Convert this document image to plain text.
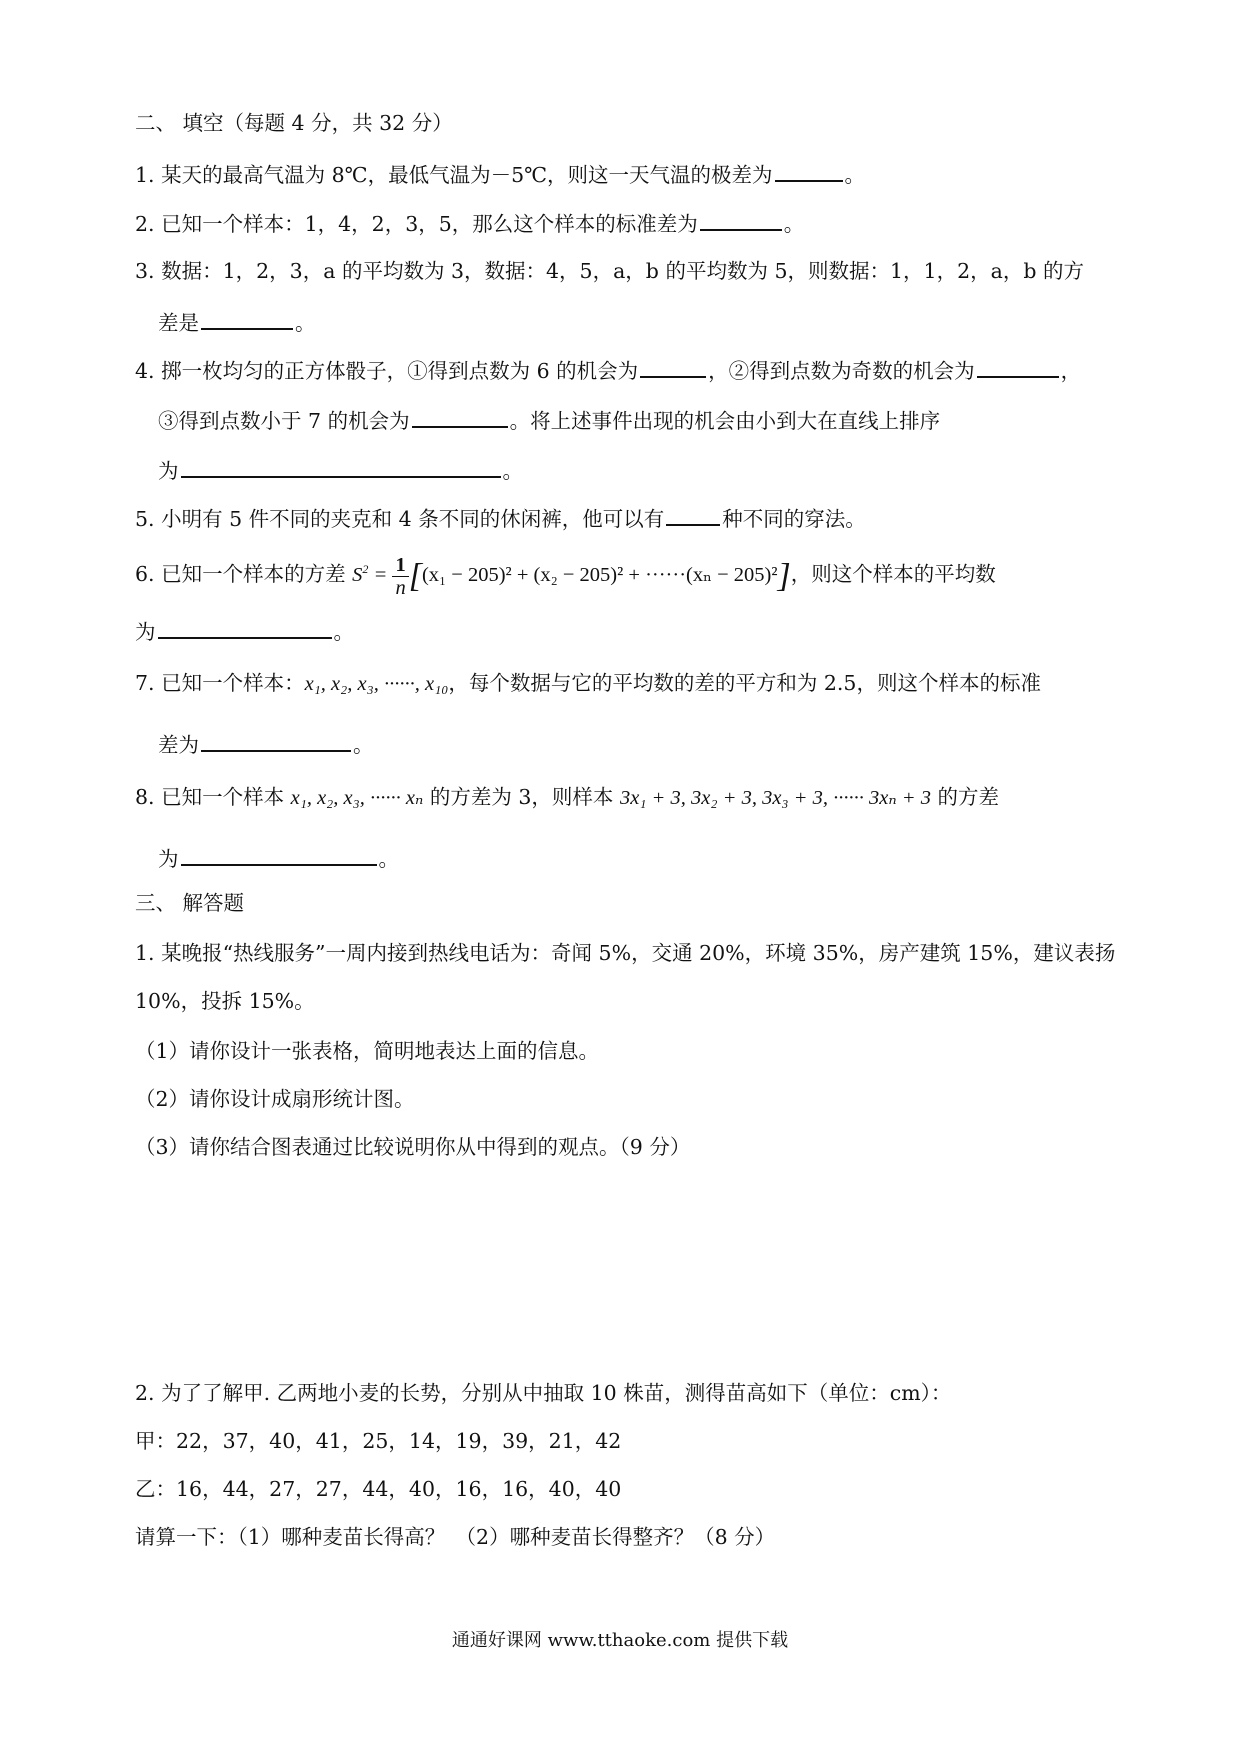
二、 填空（每题 4 分，共 32 分）
1. 某天的最高气温为 8℃，最低气温为－5℃，则这一天气温的极差为	。
2. 已知一个样本：1，4，2，3，5，那么这个样本的标准差为	。
3. 数据：1，2，3，a 的平均数为 3，数据：4，5，a，b 的平均数为 5，则数据：1，1，2，a，b 的方
差是	。
4. 掷一枚均匀的正方体骰子，①得到点数为 6 的机会为	，②得到点数为奇数的机会为	，
③得到点数小于 7 的机会为	。将上述事件出现的机会由小到大在直线上排序
为	。
5. 小明有 5 件不同的夹克和 4 条不同的休闲裤，他可以有	种不同的穿法。
6. 已知一个样本的方差 $S^2 = \frac{1}{n} [(x_1 - 205)^2 + (x_2 - 205)^2 + \cdot\cdot\cdot\cdot\cdot\cdot(x_n - 205)^2]$，则这个样本的平均数
为	。
7. 已知一个样本：x₁, x₂, x₃, ······, x₁₀，每个数据与它的平均数的差的平方和为 2.5，则这个样本的标准
差为	。
8. 已知一个样本 x₁, x₂, x₃, ······ xₙ 的方差为 3，则样本 3x₁ + 3, 3x₂ + 3, 3x₃ + 3, ······ 3xₙ + 3 的方差
为	。
三、 解答题
1. 某晚报“热线服务”一周内接到热线电话为：奇闻 5%，交通 20%，环境 35%，房产建筑 15%，建议表扬
10%，投拆 15%。
（1）请你设计一张表格，简明地表达上面的信息。
（2）请你设计成扇形统计图。
（3）请你结合图表通过比较说明你从中得到的观点。（9 分）
2. 为了了解甲. 乙两地小麦的长势，分别从中抽取 10 株苗，测得苗高如下（单位：cm）：
甲：22，37，40，41，25，14，19，39，21，42
乙：16，44，27，27，44，40，16，16，40，40
请算一下：（1）哪种麦苗长得高？　（2）哪种麦苗长得整齐？（8 分）
通通好课网 www.tthaoke.com 提供下载
